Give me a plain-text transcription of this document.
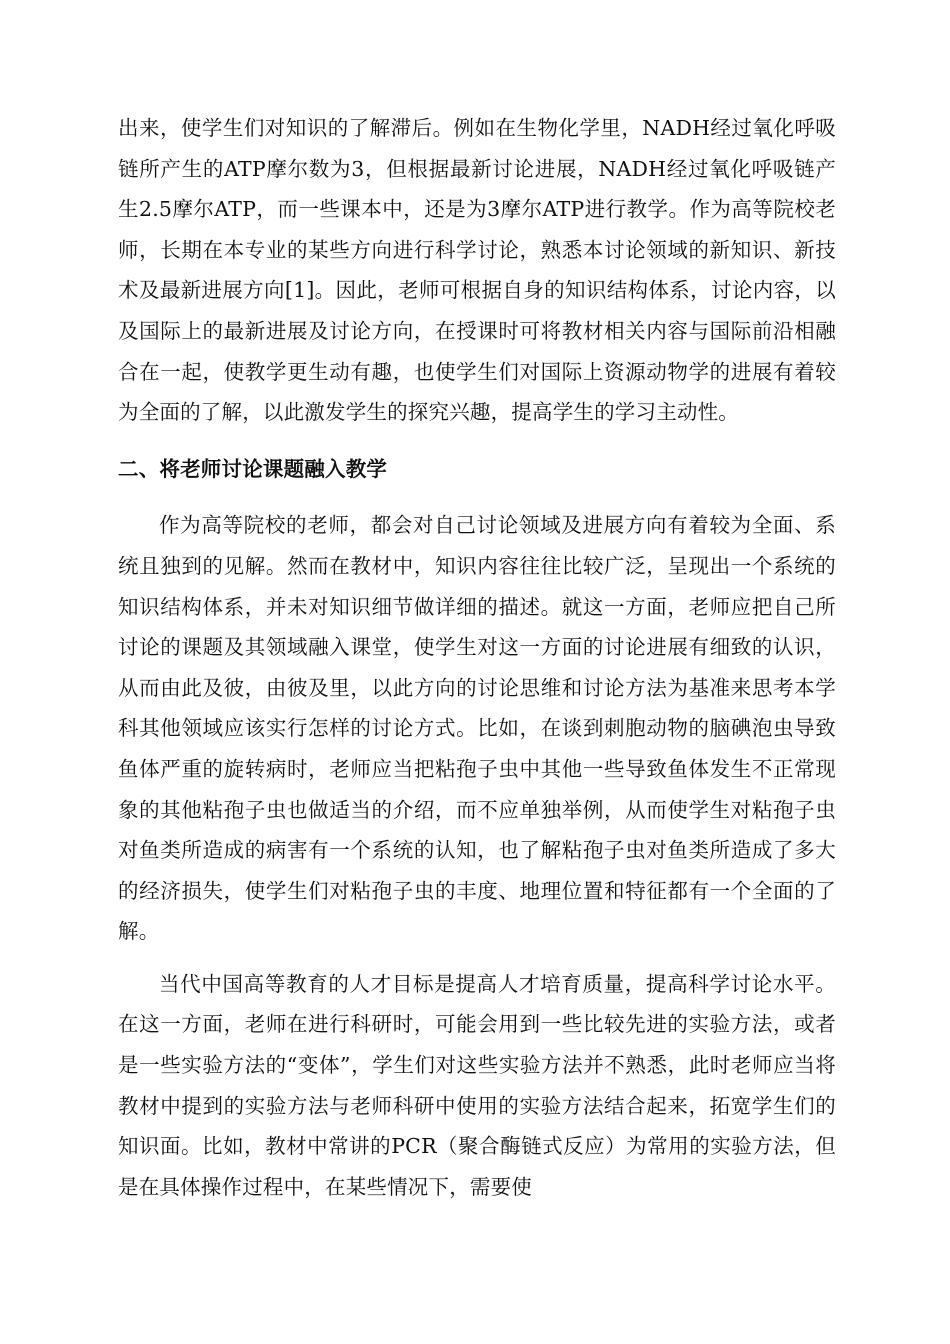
出来，使学生们对知识的了解滞后。例如在生物化学里，NADH经过氧化呼吸链所产生的ATP摩尔数为3，但根据最新讨论进展，NADH经过氧化呼吸链产生2.5摩尔ATP，而一些课本中，还是为3摩尔ATP进行教学。作为高等院校老师，长期在本专业的某些方向进行科学讨论，熟悉本讨论领域的新知识、新技术及最新进展方向[1]。因此，老师可根据自身的知识结构体系，讨论内容，以及国际上的最新进展及讨论方向，在授课时可将教材相关内容与国际前沿相融合在一起，使教学更生动有趣，也使学生们对国际上资源动物学的进展有着较为全面的了解，以此激发学生的探究兴趣，提高学生的学习主动性。

二、将老师讨论课题融入教学

作为高等院校的老师，都会对自己讨论领域及进展方向有着较为全面、系统且独到的见解。然而在教材中，知识内容往往比较广泛，呈现出一个系统的知识结构体系，并未对知识细节做详细的描述。就这一方面，老师应把自己所讨论的课题及其领域融入课堂，使学生对这一方面的讨论进展有细致的认识，从而由此及彼，由彼及里，以此方向的讨论思维和讨论方法为基准来思考本学科其他领域应该实行怎样的讨论方式。比如，在谈到刺胞动物的脑碘泡虫导致鱼体严重的旋转病时，老师应当把粘孢子虫中其他一些导致鱼体发生不正常现象的其他粘孢子虫也做适当的介绍，而不应单独举例，从而使学生对粘孢子虫对鱼类所造成的病害有一个系统的认知，也了解粘孢子虫对鱼类所造成了多大的经济损失，使学生们对粘孢子虫的丰度、地理位置和特征都有一个全面的了解。

当代中国高等教育的人才目标是提高人才培育质量，提高科学讨论水平。在这一方面，老师在进行科研时，可能会用到一些比较先进的实验方法，或者是一些实验方法的“变体”，学生们对这些实验方法并不熟悉，此时老师应当将教材中提到的实验方法与老师科研中使用的实验方法结合起来，拓宽学生们的知识面。比如，教材中常讲的PCR（聚合酶链式反应）为常用的实验方法，但是在具体操作过程中，在某些情况下，需要使
